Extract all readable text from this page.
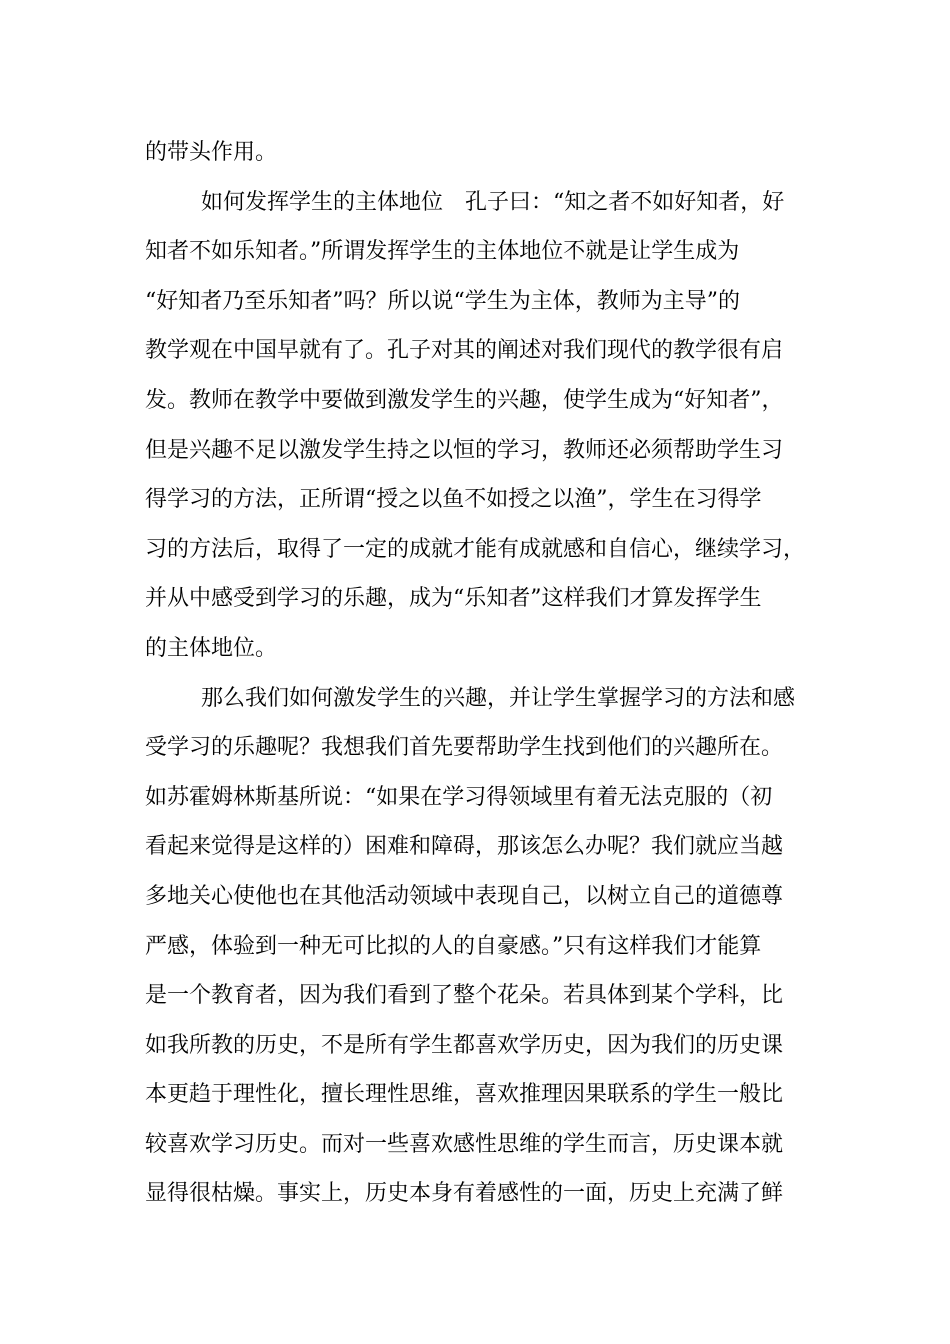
的带头作用。
如何发挥学生的主体地位　孔子曰：“知之者不如好知者，好
知者不如乐知者。”所谓发挥学生的主体地位不就是让学生成为
“好知者乃至乐知者”吗？所以说“学生为主体，教师为主导”的
教学观在中国早就有了。孔子对其的阐述对我们现代的教学很有启
发。教师在教学中要做到激发学生的兴趣，使学生成为“好知者”，
但是兴趣不足以激发学生持之以恒的学习，教师还必须帮助学生习
得学习的方法，正所谓“授之以鱼不如授之以渔”，学生在习得学
习的方法后，取得了一定的成就才能有成就感和自信心，继续学习，
并从中感受到学习的乐趣，成为“乐知者”这样我们才算发挥学生
的主体地位。
那么我们如何激发学生的兴趣，并让学生掌握学习的方法和感
受学习的乐趣呢？我想我们首先要帮助学生找到他们的兴趣所在。
如苏霍姆林斯基所说：“如果在学习得领域里有着无法克服的（初
看起来觉得是这样的）困难和障碍，那该怎么办呢？我们就应当越
多地关心使他也在其他活动领域中表现自己，以树立自己的道德尊
严感，体验到一种无可比拟的人的自豪感。”只有这样我们才能算
是一个教育者，因为我们看到了整个花朵。若具体到某个学科，比
如我所教的历史，不是所有学生都喜欢学历史，因为我们的历史课
本更趋于理性化，擅长理性思维，喜欢推理因果联系的学生一般比
较喜欢学习历史。而对一些喜欢感性思维的学生而言，历史课本就
显得很枯燥。事实上，历史本身有着感性的一面，历史上充满了鲜
